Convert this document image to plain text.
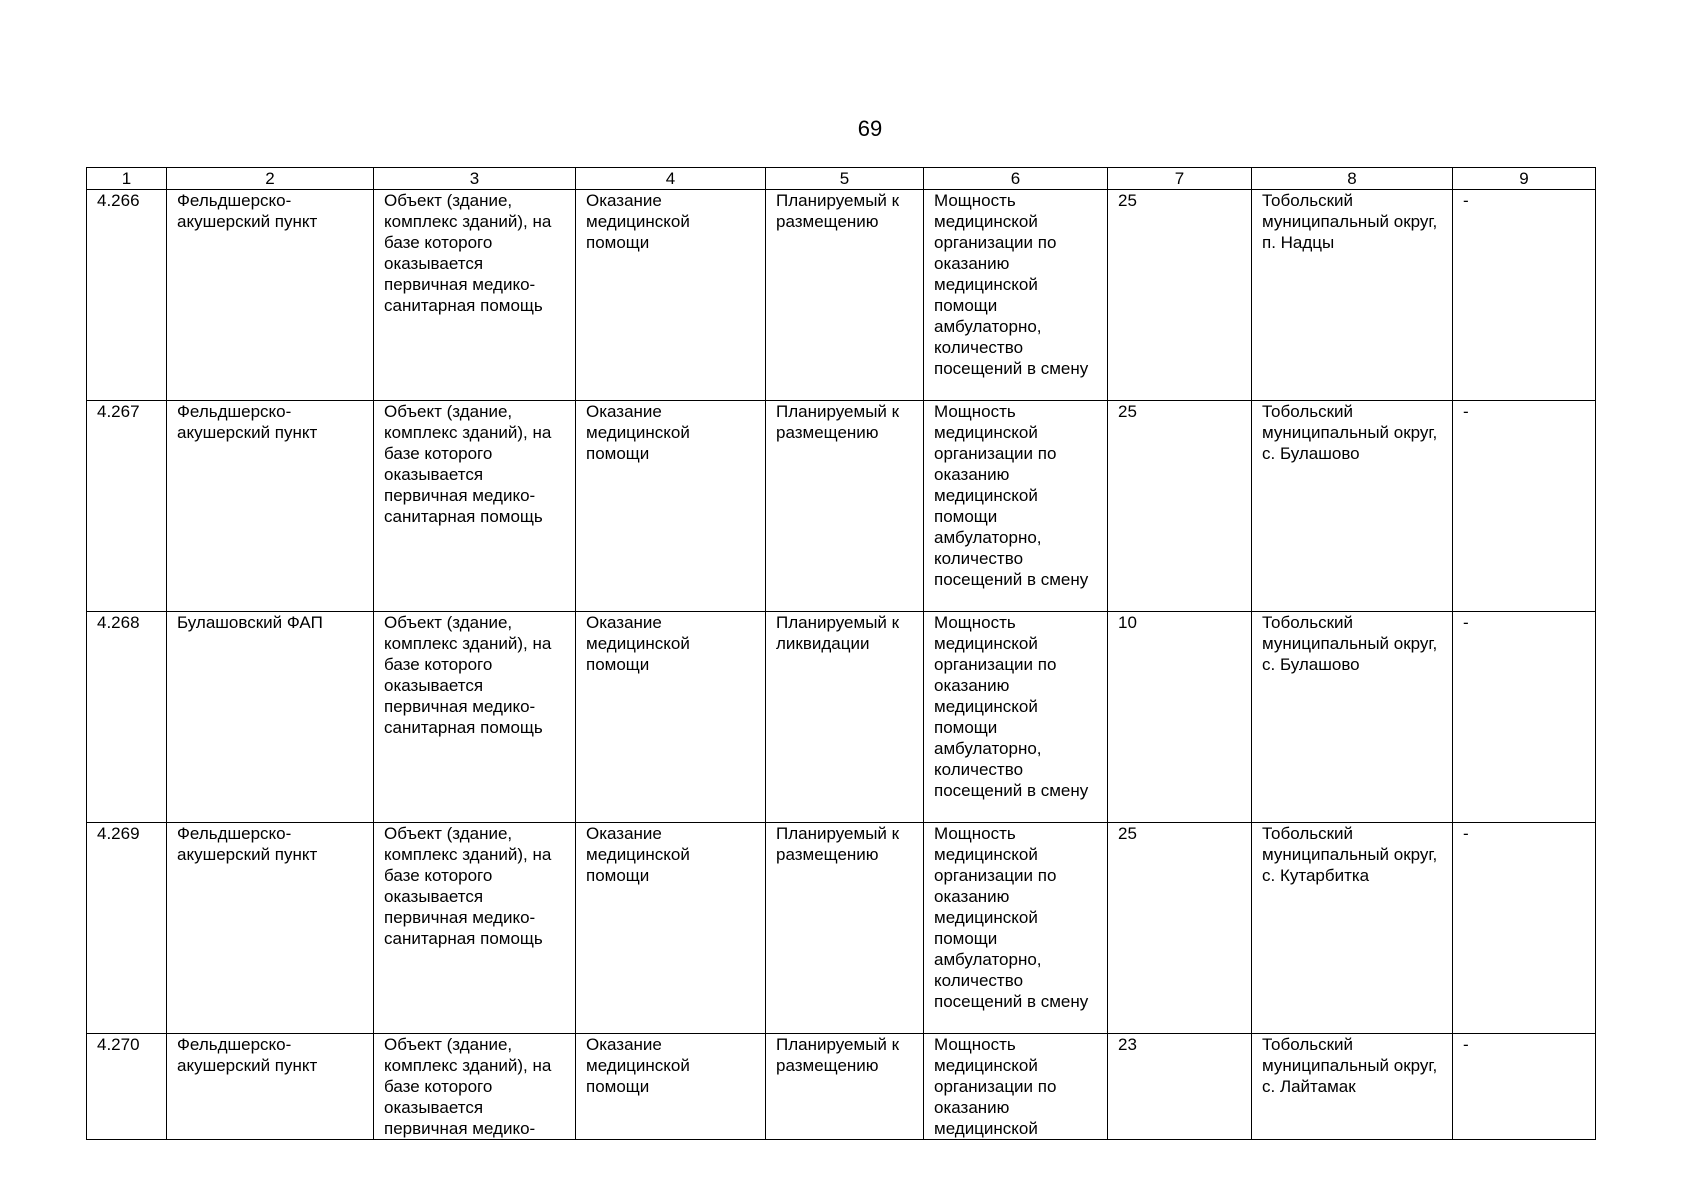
69
1	2	3	4	5	6	7	8	9
4.266	Фельдшерско-акушерский пункт	Объект (здание, комплекс зданий), на базе которого оказывается первичная медико-санитарная помощь	Оказание медицинской помощи	Планируемый к размещению	Мощность медицинской организации по оказанию медицинской помощи амбулаторно, количество посещений в смену	25	Тобольский муниципальный округ, п. Надцы	-
4.267	Фельдшерско-акушерский пункт	Объект (здание, комплекс зданий), на базе которого оказывается первичная медико-санитарная помощь	Оказание медицинской помощи	Планируемый к размещению	Мощность медицинской организации по оказанию медицинской помощи амбулаторно, количество посещений в смену	25	Тобольский муниципальный округ, с. Булашово	-
4.268	Булашовский ФАП	Объект (здание, комплекс зданий), на базе которого оказывается первичная медико-санитарная помощь	Оказание медицинской помощи	Планируемый к ликвидации	Мощность медицинской организации по оказанию медицинской помощи амбулаторно, количество посещений в смену	10	Тобольский муниципальный округ, с. Булашово	-
4.269	Фельдшерско-акушерский пункт	Объект (здание, комплекс зданий), на базе которого оказывается первичная медико-санитарная помощь	Оказание медицинской помощи	Планируемый к размещению	Мощность медицинской организации по оказанию медицинской помощи амбулаторно, количество посещений в смену	25	Тобольский муниципальный округ, с. Кутарбитка	-

4.270	Фельдшерско-акушерский пункт	Объект (здание, комплекс зданий), на базе которого оказывается первичная медико-	Оказание медицинской помощи	Планируемый к размещению	Мощность медицинской организации по оказанию медицинской	23	Тобольский муниципальный округ, с. Лайтамак	-
